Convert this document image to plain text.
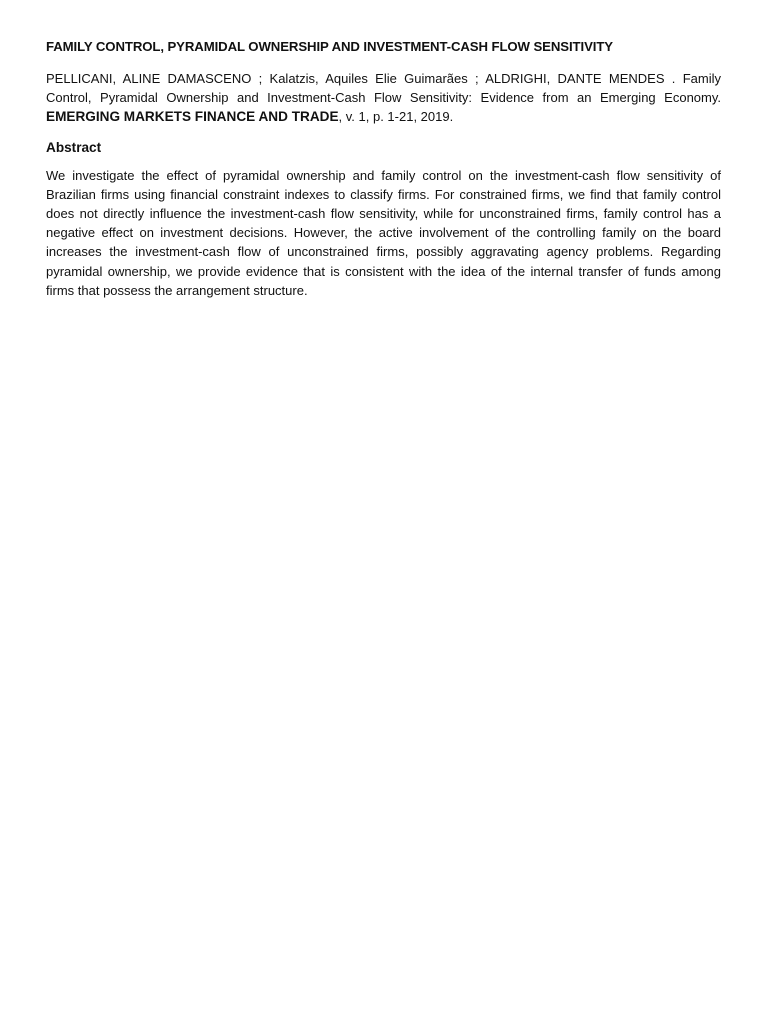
FAMILY CONTROL, PYRAMIDAL OWNERSHIP AND INVESTMENT-CASH FLOW SENSITIVITY

PELLICANI, ALINE DAMASCENO ; Kalatzis, Aquiles Elie Guimarães ; ALDRIGHI, DANTE MENDES . Family Control, Pyramidal Ownership and Investment-Cash Flow Sensitivity: Evidence from an Emerging Economy. EMERGING MARKETS FINANCE AND TRADE, v. 1, p. 1-21, 2019.

Abstract

We investigate the effect of pyramidal ownership and family control on the investment-cash flow sensitivity of Brazilian firms using financial constraint indexes to classify firms. For constrained firms, we find that family control does not directly influence the investment-cash flow sensitivity, while for unconstrained firms, family control has a negative effect on investment decisions. However, the active involvement of the controlling family on the board increases the investment-cash flow of unconstrained firms, possibly aggravating agency problems. Regarding pyramidal ownership, we provide evidence that is consistent with the idea of the internal transfer of funds among firms that possess the arrangement structure.
